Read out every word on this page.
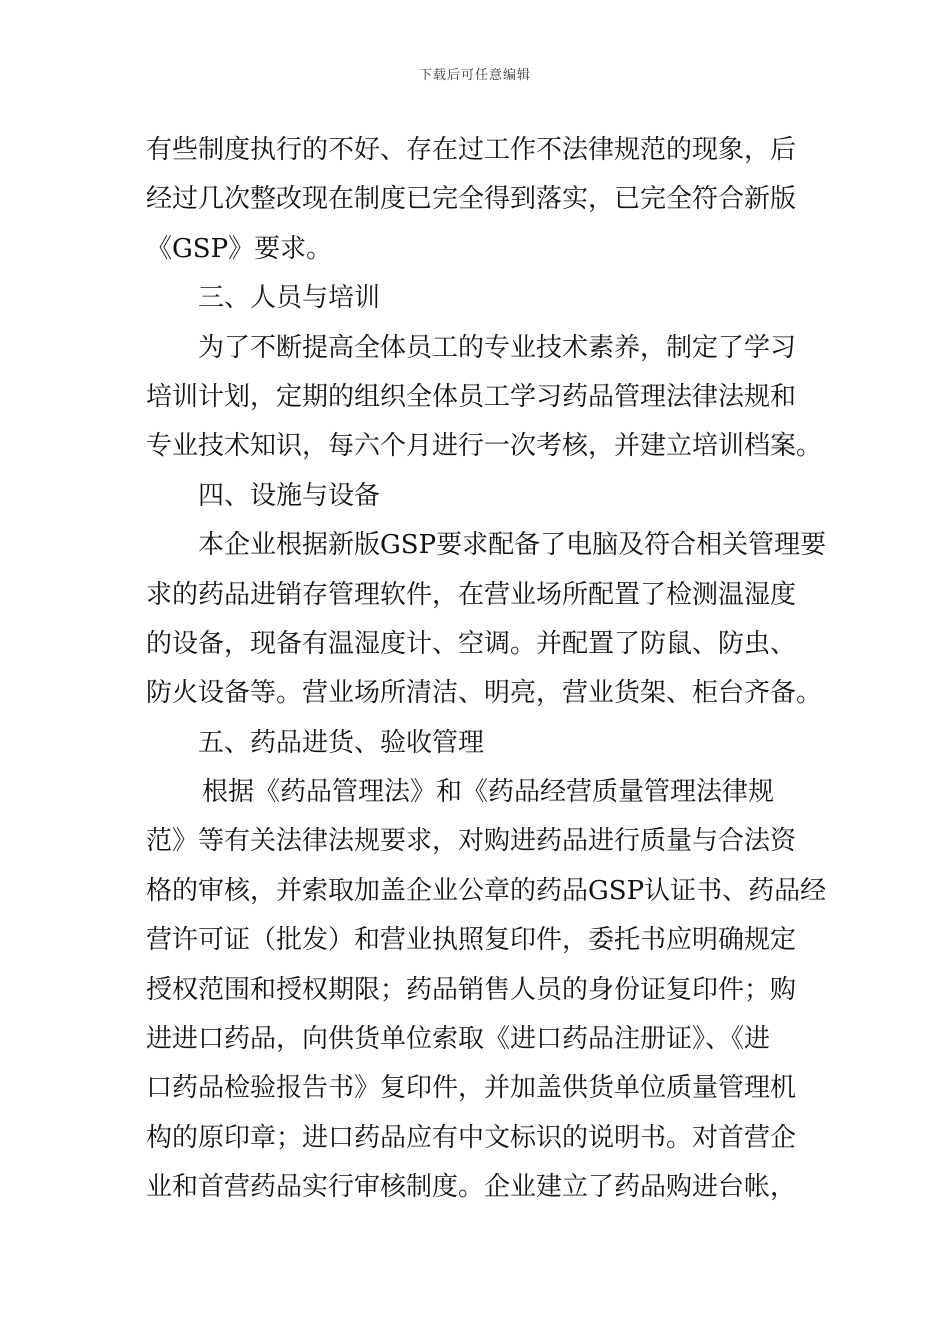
下载后可任意编辑
有些制度执行的不好、存在过工作不法律规范的现象，后
经过几次整改现在制度已完全得到落实，已完全符合新版
《GSP》要求。
三、人员与培训
为了不断提高全体员工的专业技术素养，制定了学习
培训计划，定期的组织全体员工学习药品管理法律法规和
专业技术知识，每六个月进行一次考核，并建立培训档案。
四、设施与设备
本企业根据新版GSP要求配备了电脑及符合相关管理要
求的药品进销存管理软件，在营业场所配置了检测温湿度
的设备，现备有温湿度计、空调。并配置了防鼠、防虫、
防火设备等。营业场所清洁、明亮，营业货架、柜台齐备。
五、药品进货、验收管理
根据《药品管理法》和《药品经营质量管理法律规
范》等有关法律法规要求，对购进药品进行质量与合法资
格的审核，并索取加盖企业公章的药品GSP认证书、药品经
营许可证（批发）和营业执照复印件，委托书应明确规定
授权范围和授权期限；药品销售人员的身份证复印件；购
进进口药品，向供货单位索取《进口药品注册证》、《进
口药品检验报告书》复印件，并加盖供货单位质量管理机
构的原印章；进口药品应有中文标识的说明书。对首营企
业和首营药品实行审核制度。企业建立了药品购进台帐，
